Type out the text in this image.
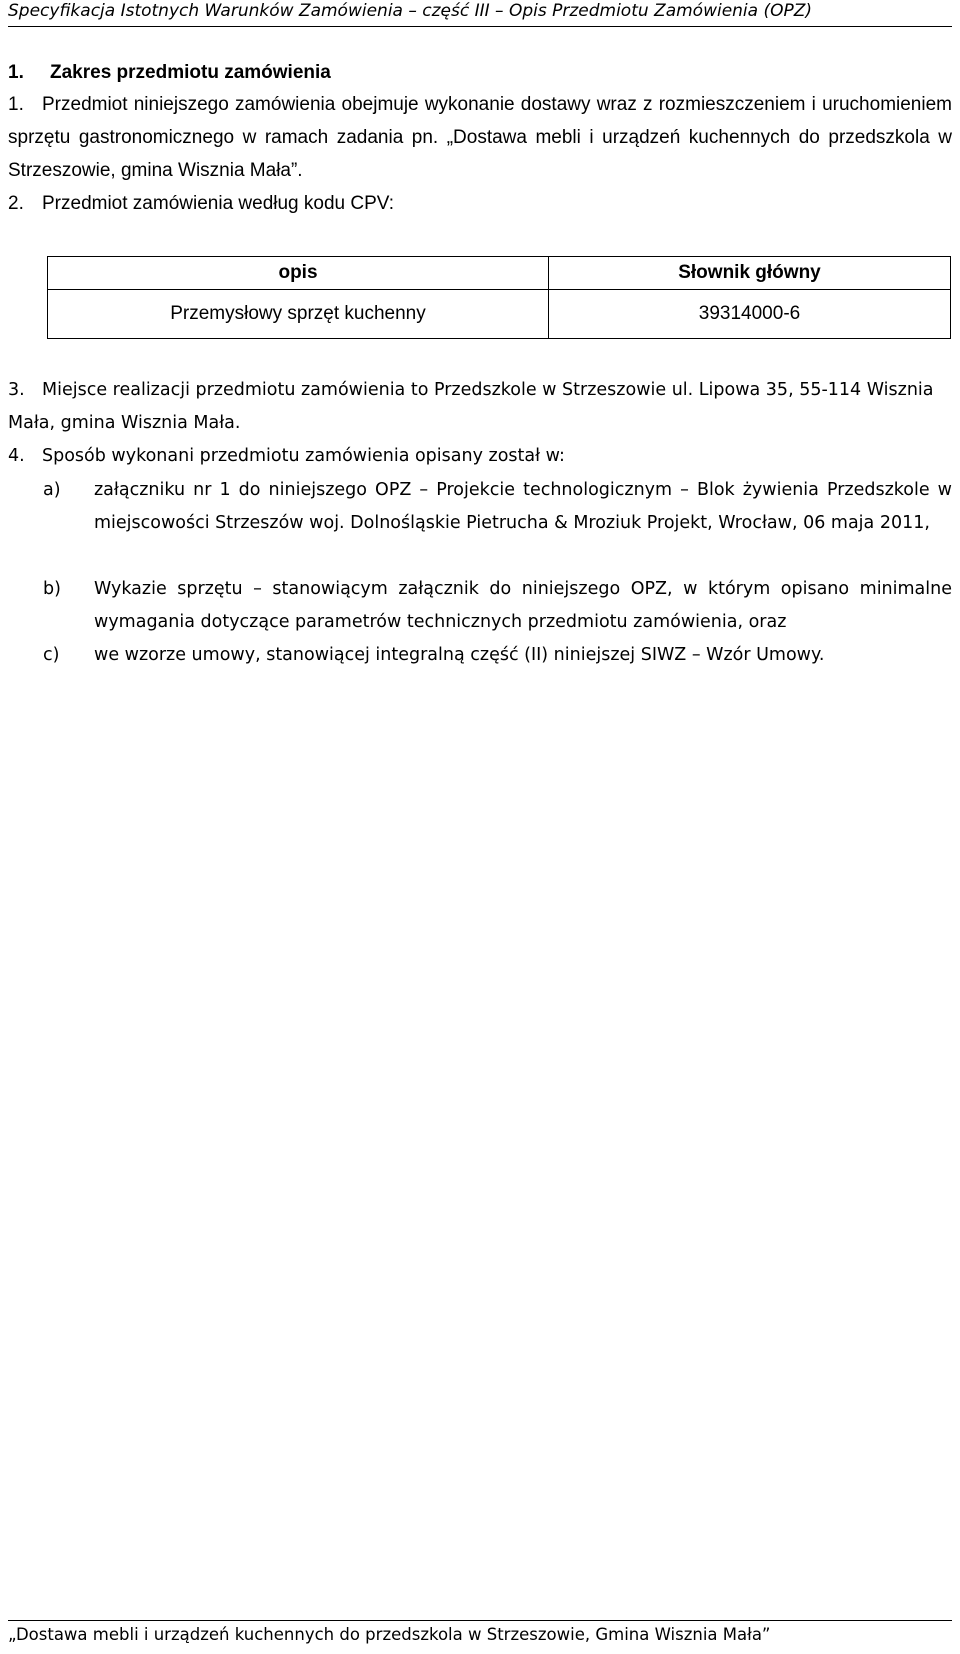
Specyfikacja Istotnych Warunków Zamówienia – część III – Opis Przedmiotu Zamówienia (OPZ)
1. Zakres przedmiotu zamówienia
1. Przedmiot niniejszego zamówienia obejmuje wykonanie dostawy wraz z rozmieszczeniem i uruchomieniem sprzętu gastronomicznego w ramach zadania pn. „Dostawa mebli i urządzeń kuchennych do przedszkola w Strzeszowie, gmina Wisznia Mała”.
2. Przedmiot zamówienia według kodu CPV:
opis	Słownik główny
Przemysłowy sprzęt kuchenny	39314000-6
3. Miejsce realizacji przedmiotu zamówienia to Przedszkole w Strzeszowie ul. Lipowa 35, 55-114 Wisznia Mała, gmina Wisznia Mała.
4. Sposób wykonani przedmiotu zamówienia opisany został w:
a) załączniku nr 1 do niniejszego OPZ – Projekcie technologicznym – Blok żywienia Przedszkole w miejscowości Strzeszów woj. Dolnośląskie Pietrucha & Mroziuk Projekt, Wrocław, 06 maja 2011,
b) Wykazie sprzętu – stanowiącym załącznik do niniejszego OPZ, w którym opisano minimalne wymagania dotyczące parametrów technicznych przedmiotu zamówienia, oraz
c) we wzorze umowy, stanowiącej integralną część (II) niniejszej SIWZ – Wzór Umowy.
„Dostawa mebli i urządzeń kuchennych do przedszkola w Strzeszowie, Gmina Wisznia Mała”
